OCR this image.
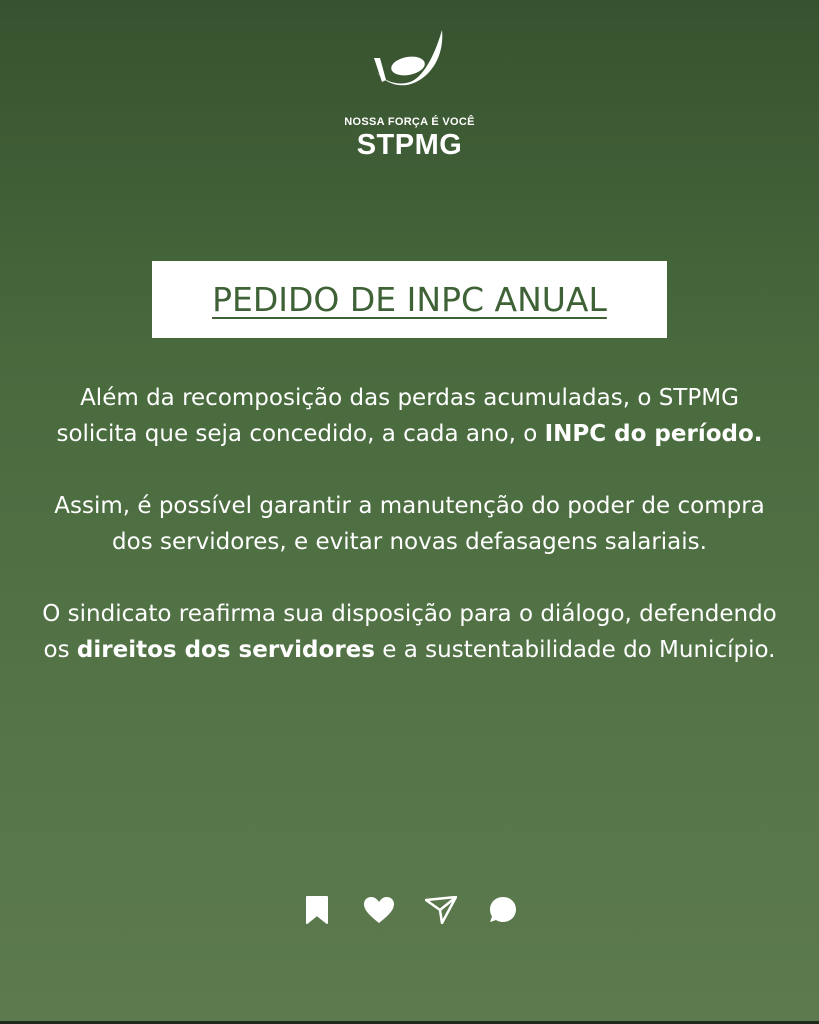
NOSSA FORÇA É VOCÊ
STPMG
PEDIDO DE INPC ANUAL

Além da recomposição das perdas acumuladas, o STPMG solicita que seja concedido, a cada ano, o INPC do período.

Assim, é possível garantir a manutenção do poder de compra dos servidores, e evitar novas defasagens salariais.

O sindicato reafirma sua disposição para o diálogo, defendendo os direitos dos servidores e a sustentabilidade do Município.
